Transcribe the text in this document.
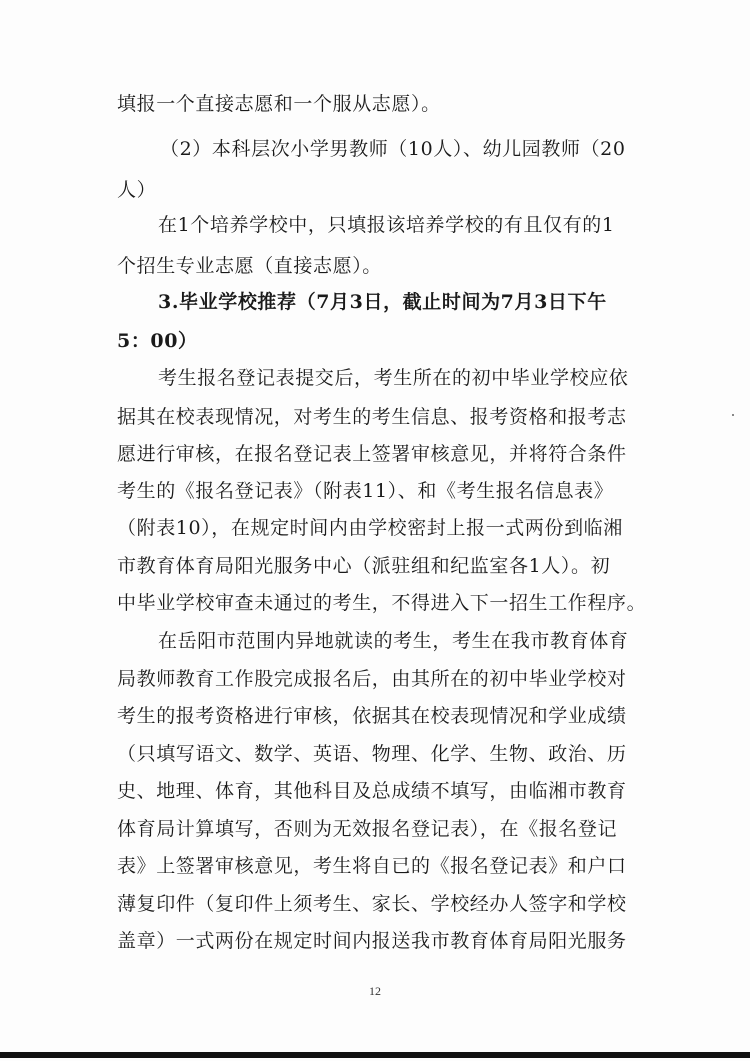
填报一个直接志愿和一个服从志愿）。
（2）本科层次小学男教师（10人）、幼儿园教师（20
人）
在1个培养学校中，只填报该培养学校的有且仅有的1
个招生专业志愿（直接志愿）。
3.毕业学校推荐（7月3日，截止时间为7月3日下午
5：00）
考生报名登记表提交后，考生所在的初中毕业学校应依
据其在校表现情况，对考生的考生信息、报考资格和报考志
愿进行审核，在报名登记表上签署审核意见，并将符合条件
考生的《报名登记表》（附表11）、和《考生报名信息表》
（附表10），在规定时间内由学校密封上报一式两份到临湘
市教育体育局阳光服务中心（派驻组和纪监室各1人）。初
中毕业学校审查未通过的考生，不得进入下一招生工作程序。
在岳阳市范围内异地就读的考生，考生在我市教育体育
局教师教育工作股完成报名后，由其所在的初中毕业学校对
考生的报考资格进行审核，依据其在校表现情况和学业成绩
（只填写语文、数学、英语、物理、化学、生物、政治、历
史、地理、体育，其他科目及总成绩不填写，由临湘市教育
体育局计算填写，否则为无效报名登记表），在《报名登记
表》上签署审核意见，考生将自已的《报名登记表》和户口
薄复印件（复印件上须考生、家长、学校经办人签字和学校
盖章）一式两份在规定时间内报送我市教育体育局阳光服务
12
